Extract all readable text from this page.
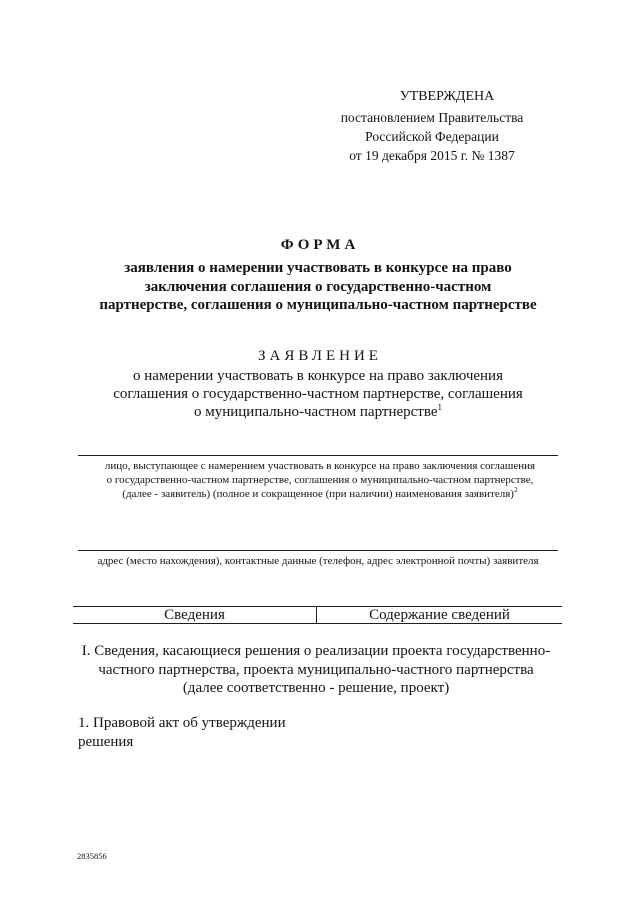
УТВЕРЖДЕНА
постановлением Правительства
Российской Федерации
от 19 декабря 2015 г. № 1387
ФОРМА
заявления о намерении участвовать в конкурсе на право
заключения соглашения о государственно-частном
партнерстве, соглашения о муниципально-частном партнерстве
ЗАЯВЛЕНИЕ
о намерении участвовать в конкурсе на право заключения
соглашения о государственно-частном партнерстве, соглашения
о муниципально-частном партнерстве$^1$
лицо, выступающее с намерением участвовать в конкурсе на право заключения соглашения
о государственно-частном партнерстве, соглашения о муниципально-частном партнерстве,
(далее - заявитель) (полное и сокращенное (при наличии) наименования заявителя)$^2$
адрес (место нахождения), контактные данные (телефон, адрес электронной почты) заявителя
Сведения	Содержание сведений
I. Сведения, касающиеся решения о реализации проекта государственно-
частного партнерства, проекта муниципально-частного партнерства
(далее соответственно - решение, проект)
1. Правовой акт об утверждении
решения
2835856
